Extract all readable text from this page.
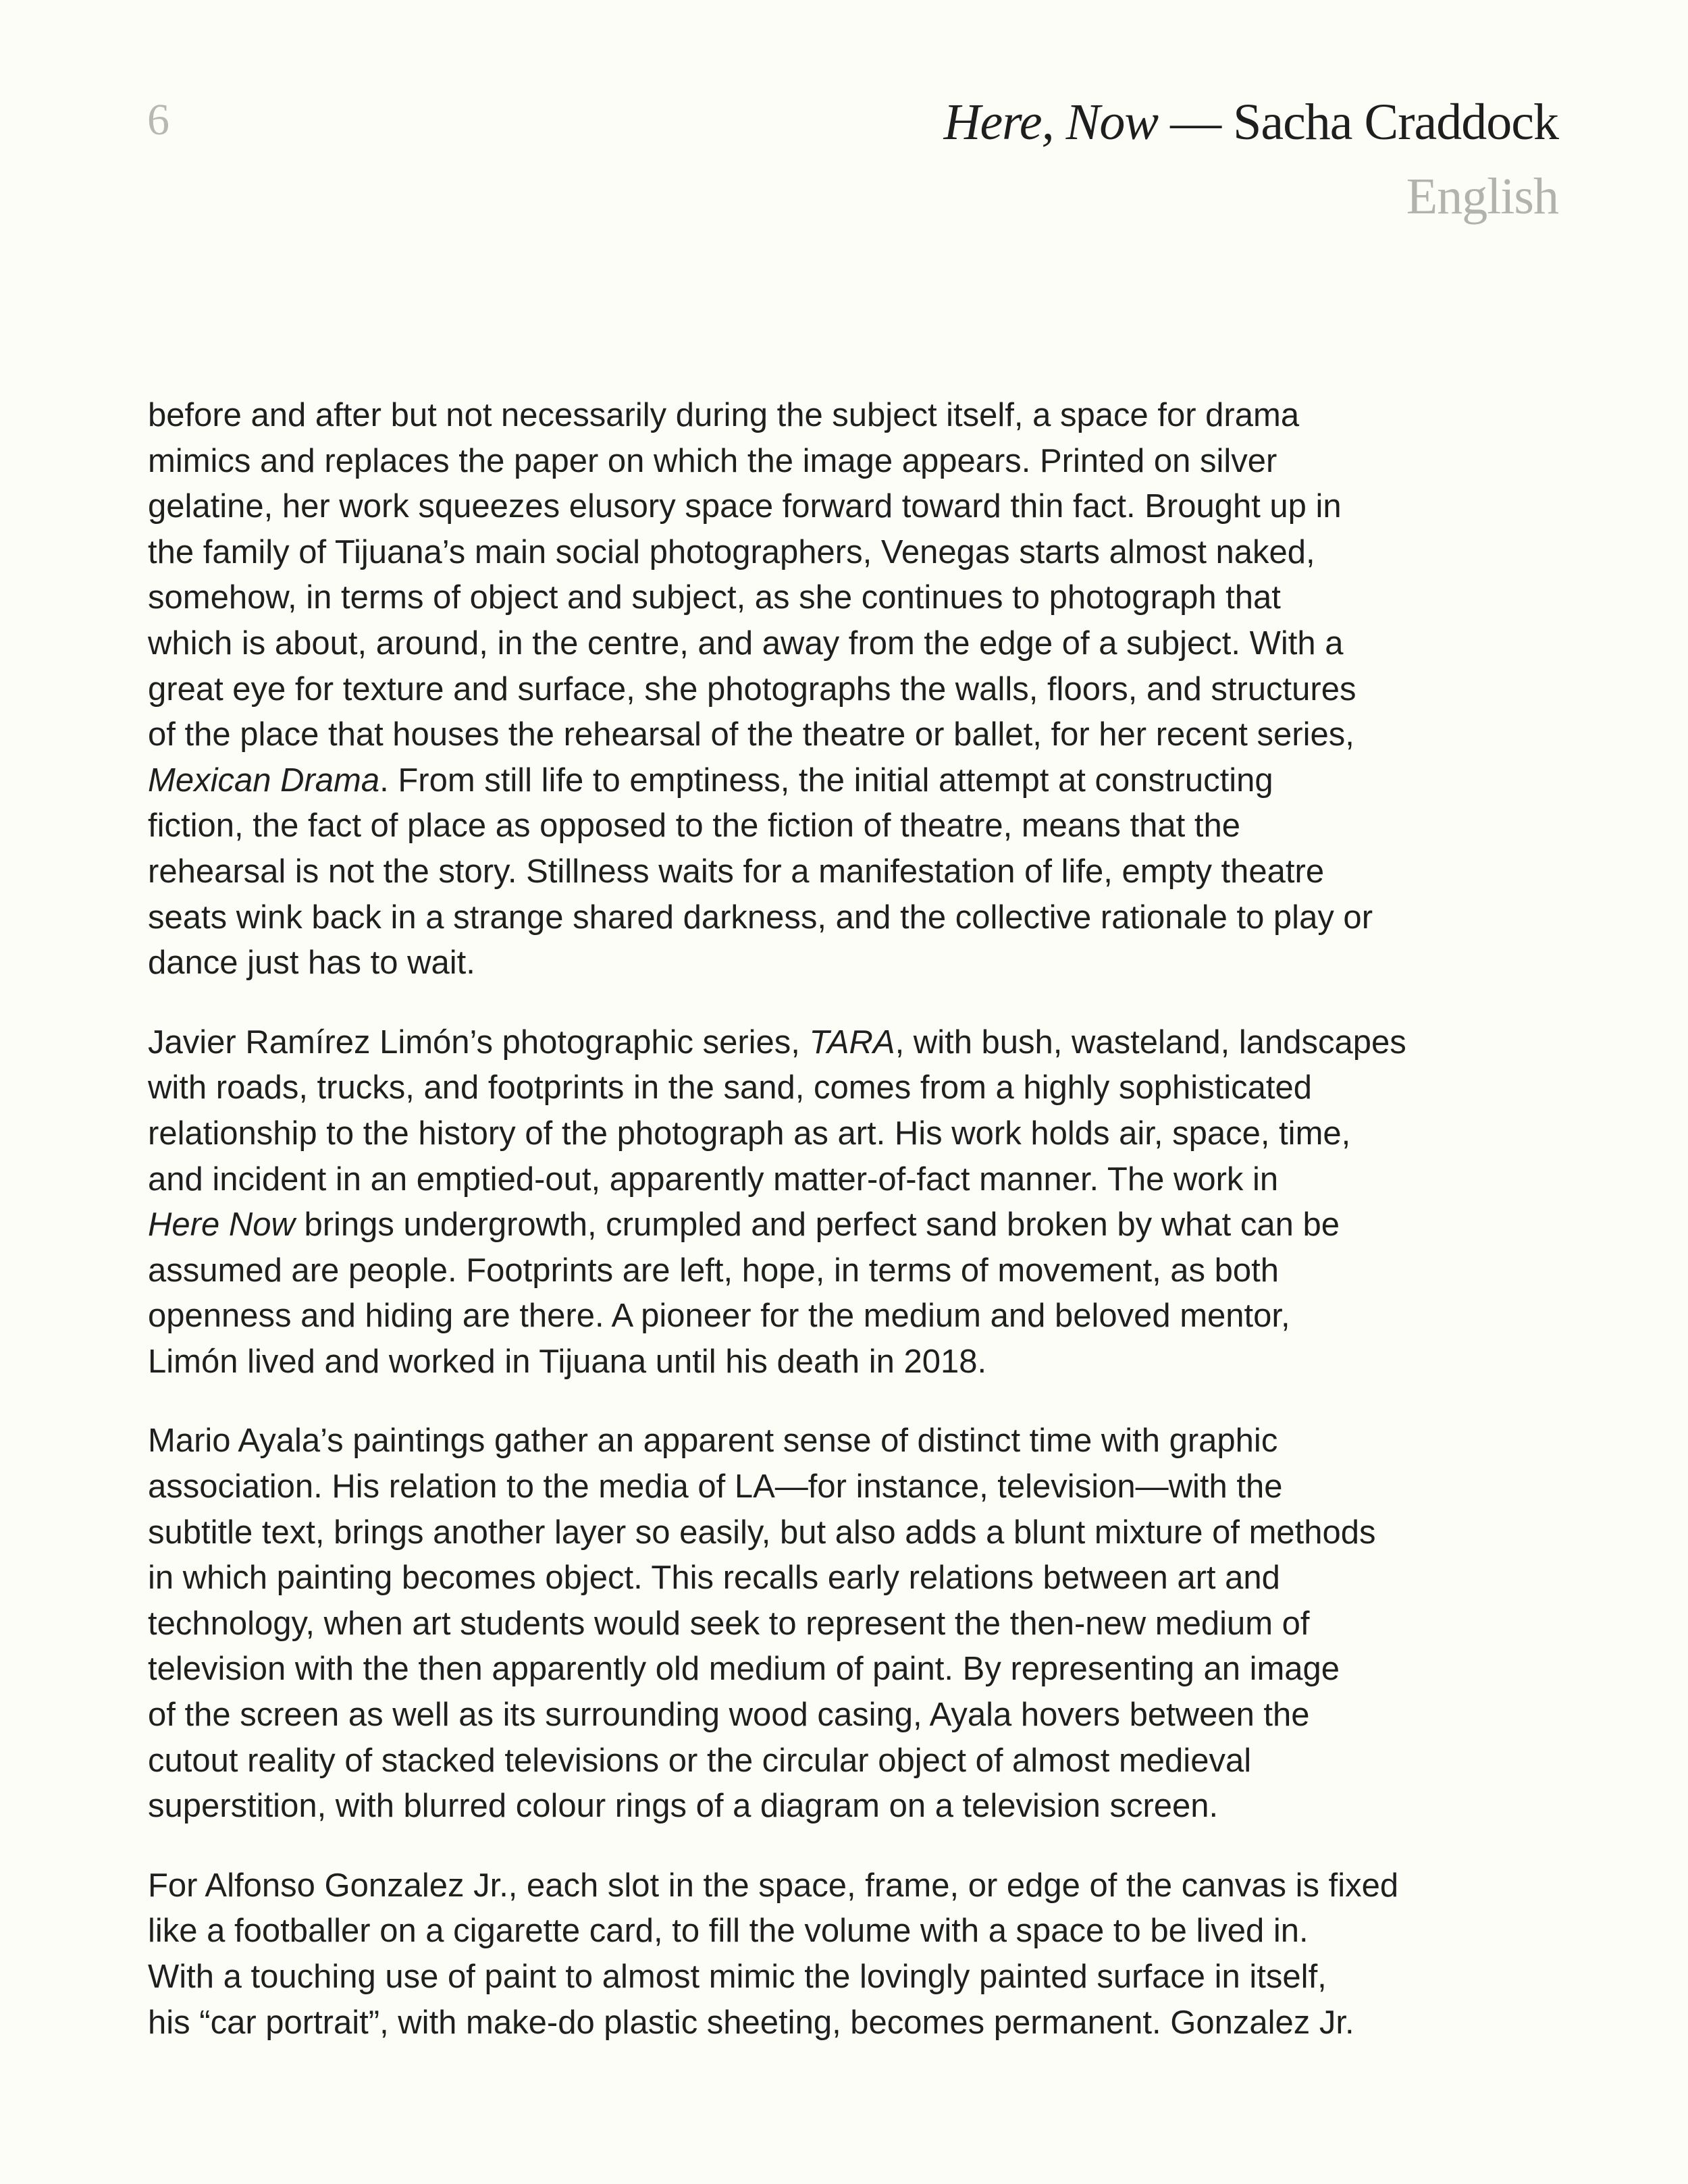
6	Here, Now — Sacha Craddock
English

before and after but not necessarily during the subject itself, a space for drama
mimics and replaces the paper on which the image appears. Printed on silver
gelatine, her work squeezes elusory space forward toward thin fact. Brought up in
the family of Tijuana’s main social photographers, Venegas starts almost naked,
somehow, in terms of object and subject, as she continues to photograph that
which is about, around, in the centre, and away from the edge of a subject. With a
great eye for texture and surface, she photographs the walls, floors, and structures
of the place that houses the rehearsal of the theatre or ballet, for her recent series,
Mexican Drama. From still life to emptiness, the initial attempt at constructing
fiction, the fact of place as opposed to the fiction of theatre, means that the
rehearsal is not the story. Stillness waits for a manifestation of life, empty theatre
seats wink back in a strange shared darkness, and the collective rationale to play or
dance just has to wait.

Javier Ramírez Limón’s photographic series, TARA, with bush, wasteland, landscapes
with roads, trucks, and footprints in the sand, comes from a highly sophisticated
relationship to the history of the photograph as art. His work holds air, space, time,
and incident in an emptied-out, apparently matter-of-fact manner. The work in
Here Now brings undergrowth, crumpled and perfect sand broken by what can be
assumed are people. Footprints are left, hope, in terms of movement, as both
openness and hiding are there. A pioneer for the medium and beloved mentor,
Limón lived and worked in Tijuana until his death in 2018.

Mario Ayala’s paintings gather an apparent sense of distinct time with graphic
association. His relation to the media of LA—for instance, television—with the
subtitle text, brings another layer so easily, but also adds a blunt mixture of methods
in which painting becomes object. This recalls early relations between art and
technology, when art students would seek to represent the then-new medium of
television with the then apparently old medium of paint. By representing an image
of the screen as well as its surrounding wood casing, Ayala hovers between the
cutout reality of stacked televisions or the circular object of almost medieval
superstition, with blurred colour rings of a diagram on a television screen.

For Alfonso Gonzalez Jr., each slot in the space, frame, or edge of the canvas is fixed
like a footballer on a cigarette card, to fill the volume with a space to be lived in.
With a touching use of paint to almost mimic the lovingly painted surface in itself,
his “car portrait”, with make-do plastic sheeting, becomes permanent. Gonzalez Jr.
